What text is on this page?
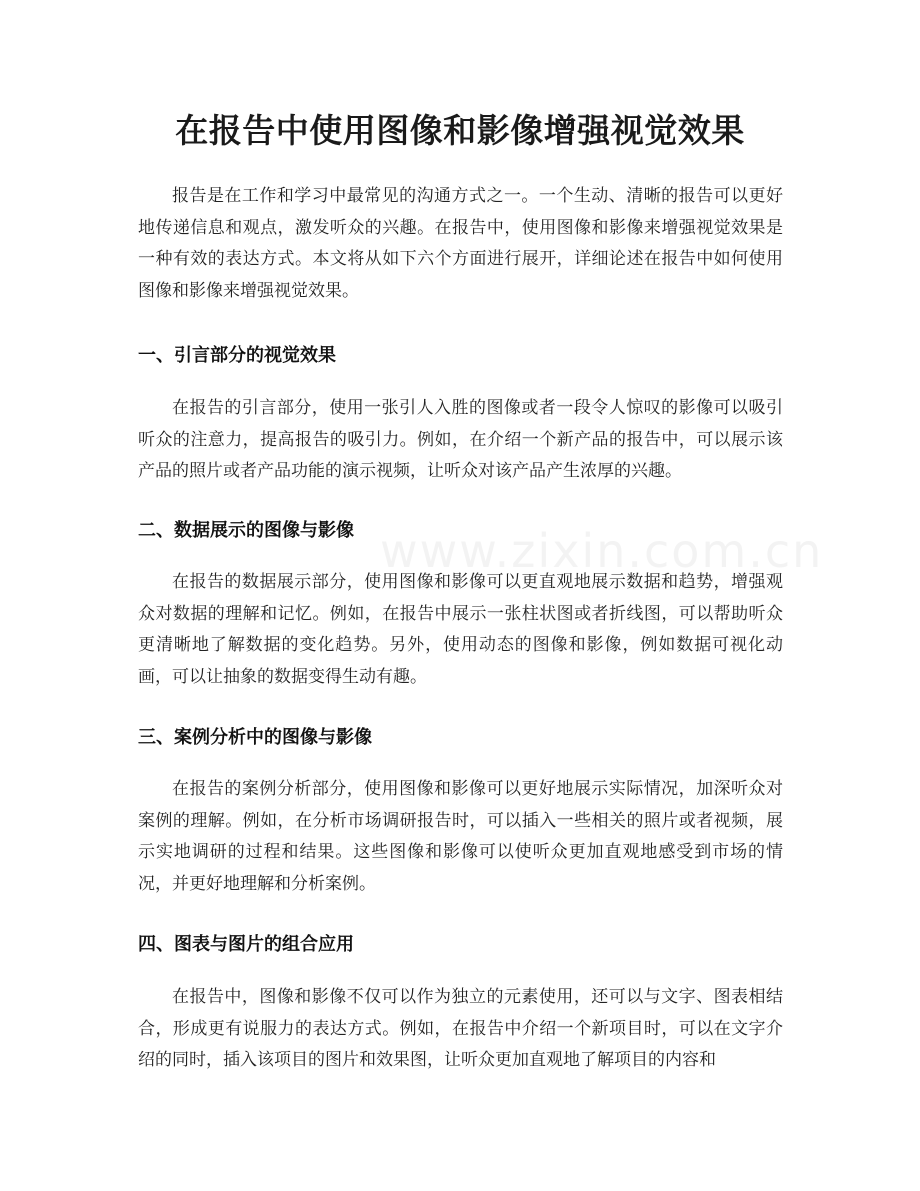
www.zixin.com.cn
在报告中使用图像和影像增强视觉效果

报告是在工作和学习中最常见的沟通方式之一。一个生动、清晰的报告可以更好地传递信息和观点，激发听众的兴趣。在报告中，使用图像和影像来增强视觉效果是一种有效的表达方式。本文将从如下六个方面进行展开，详细论述在报告中如何使用图像和影像来增强视觉效果。

一、引言部分的视觉效果

在报告的引言部分，使用一张引人入胜的图像或者一段令人惊叹的影像可以吸引听众的注意力，提高报告的吸引力。例如，在介绍一个新产品的报告中，可以展示该产品的照片或者产品功能的演示视频，让听众对该产品产生浓厚的兴趣。

二、数据展示的图像与影像

在报告的数据展示部分，使用图像和影像可以更直观地展示数据和趋势，增强观众对数据的理解和记忆。例如，在报告中展示一张柱状图或者折线图，可以帮助听众更清晰地了解数据的变化趋势。另外，使用动态的图像和影像，例如数据可视化动画，可以让抽象的数据变得生动有趣。

三、案例分析中的图像与影像

在报告的案例分析部分，使用图像和影像可以更好地展示实际情况，加深听众对案例的理解。例如，在分析市场调研报告时，可以插入一些相关的照片或者视频，展示实地调研的过程和结果。这些图像和影像可以使听众更加直观地感受到市场的情况，并更好地理解和分析案例。

四、图表与图片的组合应用

在报告中，图像和影像不仅可以作为独立的元素使用，还可以与文字、图表相结合，形成更有说服力的表达方式。例如，在报告中介绍一个新项目时，可以在文字介绍的同时，插入该项目的图片和效果图，让听众更加直观地了解项目的内容和
